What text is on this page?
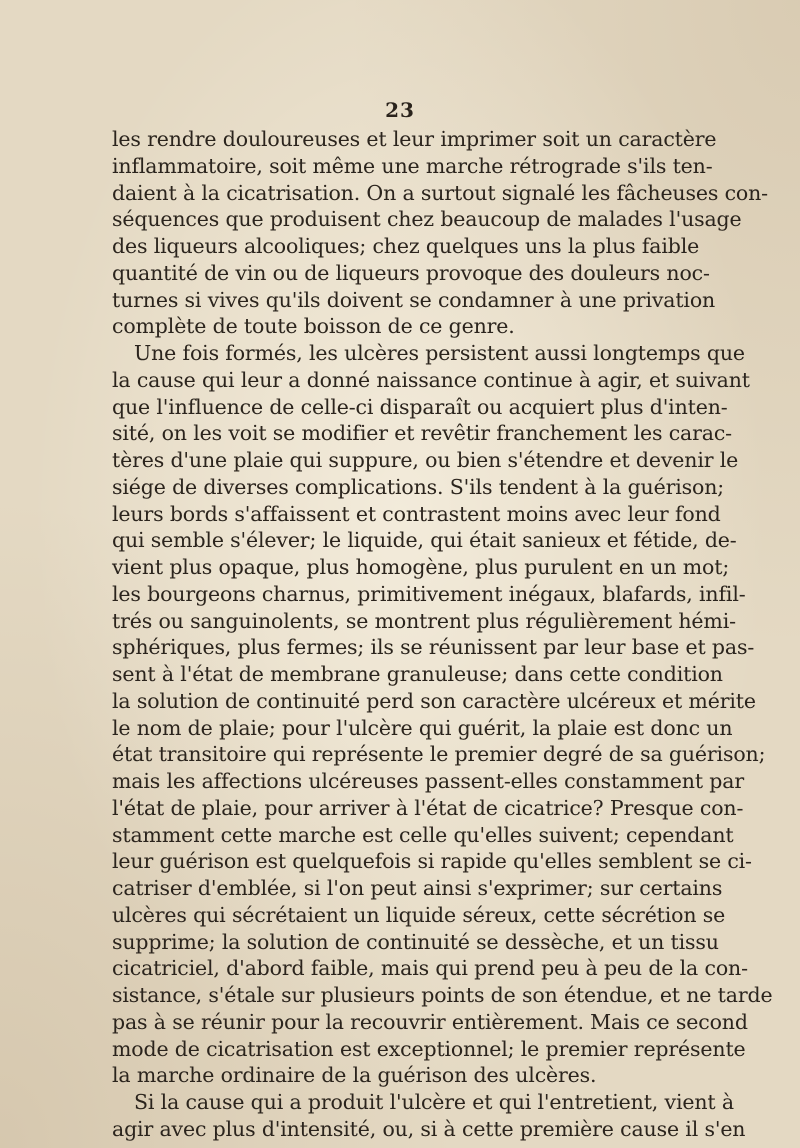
23
les rendre douloureuses et leur imprimer soit un caractère
inflammatoire, soit même une marche rétrograde s'ils ten-
daient à la cicatrisation. On a surtout signalé les fâcheuses con-
séquences que produisent chez beaucoup de malades l'usage
des liqueurs alcooliques; chez quelques uns la plus faible
quantité de vin ou de liqueurs provoque des douleurs noc-
turnes si vives qu'ils doivent se condamner à une privation
complète de toute boisson de ce genre.
Une fois formés, les ulcères persistent aussi longtemps que
la cause qui leur a donné naissance continue à agir, et suivant
que l'influence de celle-ci disparaît ou acquiert plus d'inten-
sité, on les voit se modifier et revêtir franchement les carac-
tères d'une plaie qui suppure, ou bien s'étendre et devenir le
siége de diverses complications. S'ils tendent à la guérison;
leurs bords s'affaissent et contrastent moins avec leur fond
qui semble s'élever; le liquide, qui était sanieux et fétide, de-
vient plus opaque, plus homogène, plus purulent en un mot;
les bourgeons charnus, primitivement inégaux, blafards, infil-
trés ou sanguinolents, se montrent plus régulièrement hémi-
sphériques, plus fermes; ils se réunissent par leur base et pas-
sent à l'état de membrane granuleuse; dans cette condition
la solution de continuité perd son caractère ulcéreux et mérite
le nom de plaie; pour l'ulcère qui guérit, la plaie est donc un
état transitoire qui représente le premier degré de sa guérison;
mais les affections ulcéreuses passent-elles constamment par
l'état de plaie, pour arriver à l'état de cicatrice? Presque con-
stamment cette marche est celle qu'elles suivent; cependant
leur guérison est quelquefois si rapide qu'elles semblent se ci-
catriser d'emblée, si l'on peut ainsi s'exprimer; sur certains
ulcères qui sécrétaient un liquide séreux, cette sécrétion se
supprime; la solution de continuité se dessèche, et un tissu
cicatriciel, d'abord faible, mais qui prend peu à peu de la con-
sistance, s'étale sur plusieurs points de son étendue, et ne tarde
pas à se réunir pour la recouvrir entièrement. Mais ce second
mode de cicatrisation est exceptionnel; le premier représente
la marche ordinaire de la guérison des ulcères.
Si la cause qui a produit l'ulcère et qui l'entretient, vient à
agir avec plus d'intensité, ou, si à cette première cause il s'en
